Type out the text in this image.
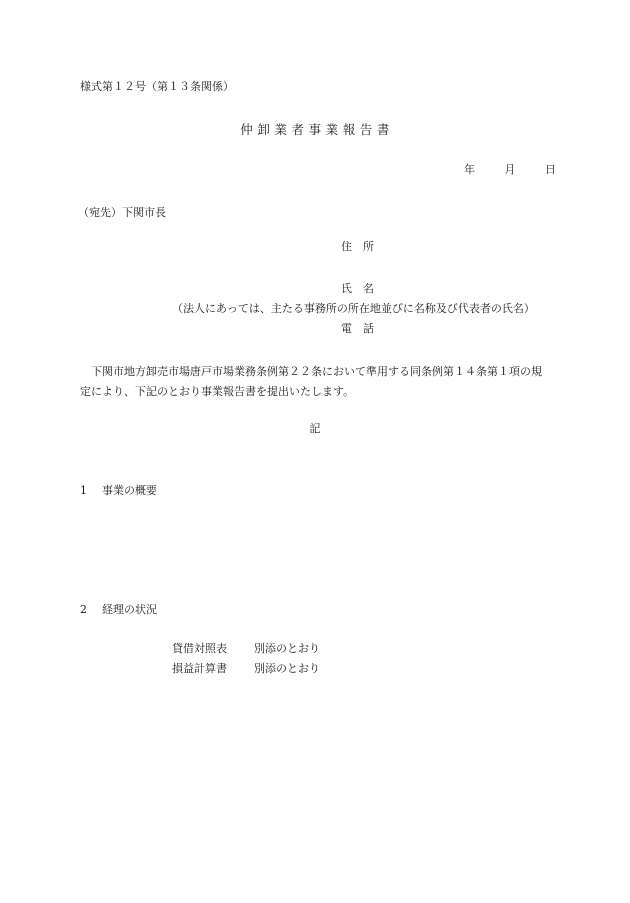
様式第１２号（第１３条関係）
仲 卸 業 者 事 業 報 告 書
年	月	日
（宛先）下関市長
住　所
氏　名
（法人にあっては、主たる事務所の所在地並びに名称及び代表者の氏名）
電　話
下関市地方卸売市場唐戸市場業務条例第２２条において準用する同条例第１４条第１項の規定により、下記のとおり事業報告書を提出いたします。
記
1 事業の概要
2 経理の状況
貸借対照表 別添のとおり
損益計算書 別添のとおり
